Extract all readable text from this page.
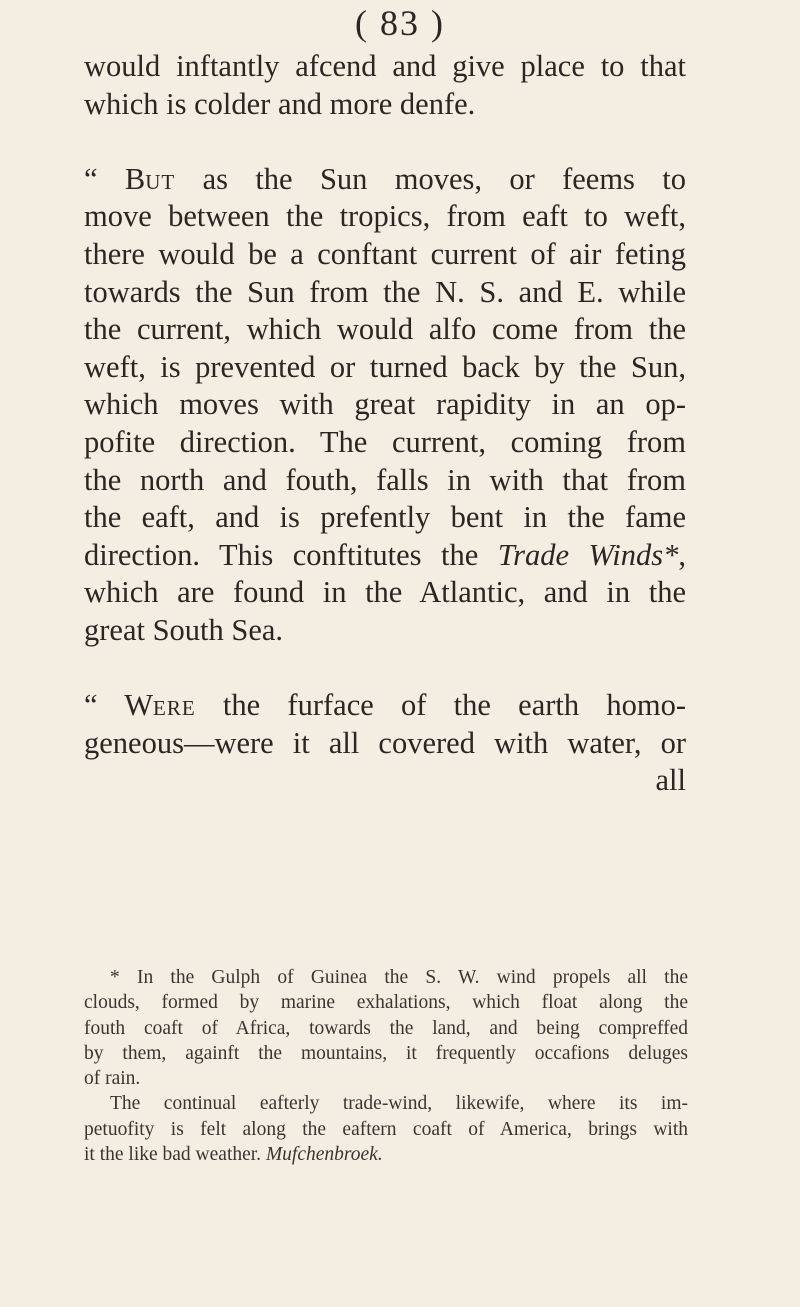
( 83 )
would inftantly afcend and give place to that
which is colder and more denfe.
“ But as the Sun moves, or feems to
move between the tropics, from eaft to weft,
there would be a conftant current of air feting
towards the Sun from the N. S. and E. while
the current, which would alfo come from the
weft, is prevented or turned back by the Sun,
which moves with great rapidity in an op-
pofite direction. The current, coming from
the north and fouth, falls in with that from
the eaft, and is prefently bent in the fame
direction. This conftitutes the Trade Winds*,
which are found in the Atlantic, and in the
great South Sea.
“ Were the furface of the earth homo-
geneous—were it all covered with water, or
all
* In the Gulph of Guinea the S. W. wind propels all the
clouds, formed by marine exhalations, which float along the
fouth coaft of Africa, towards the land, and being compreffed
by them, againft the mountains, it frequently occafions deluges
of rain.
The continual eafterly trade-wind, likewife, where its im-
petuofity is felt along the eaftern coaft of America, brings with
it the like bad weather. Mufchenbroek.
